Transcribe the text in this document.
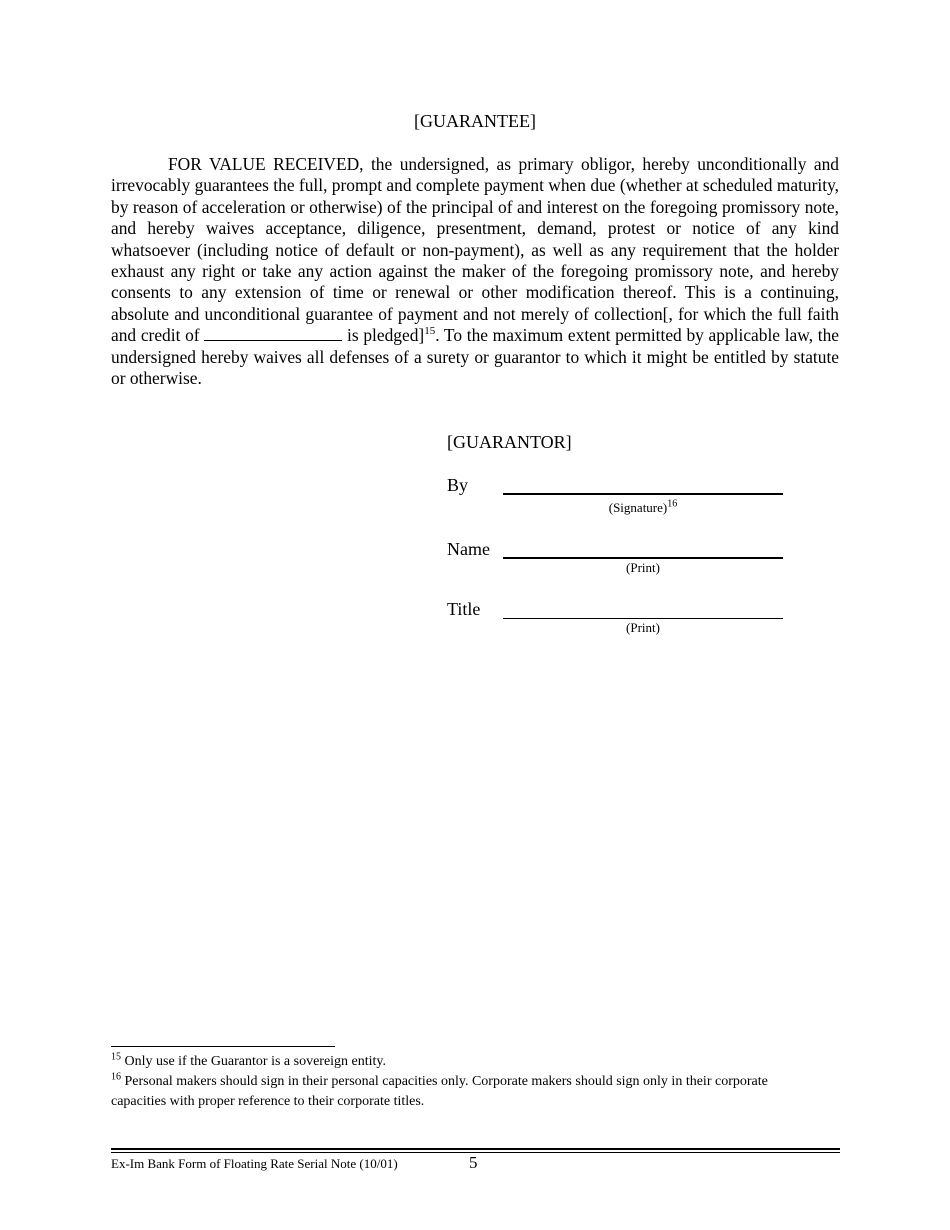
[GUARANTEE]

FOR VALUE RECEIVED, the undersigned, as primary obligor, hereby unconditionally and irrevocably guarantees the full, prompt and complete payment when due (whether at scheduled maturity, by reason of acceleration or otherwise) of the principal of and interest on the foregoing promissory note, and hereby waives acceptance, diligence, presentment, demand, protest or notice of any kind whatsoever (including notice of default or non-payment), as well as any requirement that the holder exhaust any right or take any action against the maker of the foregoing promissory note, and hereby consents to any extension of time or renewal or other modification thereof. This is a continuing, absolute and unconditional guarantee of payment and not merely of collection[, for which the full faith and credit of	is pledged]$^{15}$. To the maximum extent permitted by applicable law, the undersigned hereby waives all defenses of a surety or guarantor to which it might be entitled by statute or otherwise.

[GUARANTOR]
By
(Signature)$^{16}$
Name
(Print)
Title
(Print)

$^{15}$ Only use if the Guarantor is a sovereign entity.

$^{16}$ Personal makers should sign in their personal capacities only. Corporate makers should sign only in their corporate capacities with proper reference to their corporate titles.

Ex-Im Bank Form of Floating Rate Serial Note (10/01)	5
